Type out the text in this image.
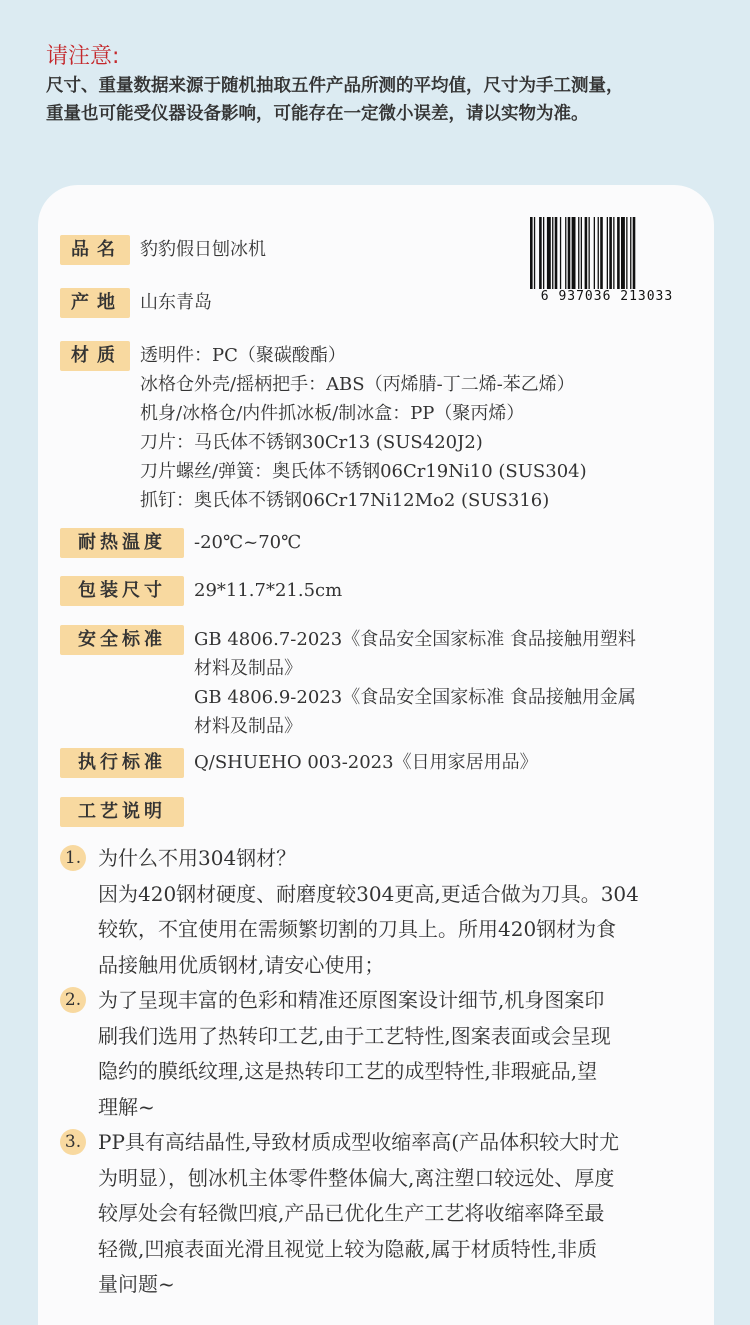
请注意:
尺寸、重量数据来源于随机抽取五件产品所测的平均值，尺寸为手工测量，
重量也可能受仪器设备影响，可能存在一定微小误差，请以实物为准。
6 937036 213033
品名 豹豹假日刨冰机
产地 山东青岛
材质 透明件：PC（聚碳酸酯）
冰格仓外壳/摇柄把手：ABS（丙烯腈-丁二烯-苯乙烯）
机身/冰格仓/内件抓冰板/制冰盒：PP（聚丙烯）
刀片：马氏体不锈钢30Cr13 (SUS420J2)
刀片螺丝/弹簧：奥氏体不锈钢06Cr19Ni10 (SUS304)
抓钉：奥氏体不锈钢06Cr17Ni12Mo2 (SUS316)
耐热温度	-20℃~70℃
包装尺寸	29*11.7*21.5cm
安全标准	GB 4806.7-2023《食品安全国家标准 食品接触用塑料
材料及制品》
GB 4806.9-2023《食品安全国家标准 食品接触用金属
材料及制品》
执行标准	Q/SHUEHO 003-2023《日用家居用品》
工艺说明
1. 为什么不用304钢材？
因为420钢材硬度、耐磨度较304更高,更适合做为刀具。304
较软，不宜使用在需频繁切割的刀具上。所用420钢材为食
品接触用优质钢材,请安心使用；
2. 为了呈现丰富的色彩和精准还原图案设计细节,机身图案印
刷我们选用了热转印工艺,由于工艺特性,图案表面或会呈现
隐约的膜纸纹理,这是热转印工艺的成型特性,非瑕疵品,望
理解~
3. PP具有高结晶性,导致材质成型收缩率高(产品体积较大时尤
为明显），刨冰机主体零件整体偏大,离注塑口较远处、厚度
较厚处会有轻微凹痕,产品已优化生产工艺将收缩率降至最
轻微,凹痕表面光滑且视觉上较为隐蔽,属于材质特性,非质
量问题~
